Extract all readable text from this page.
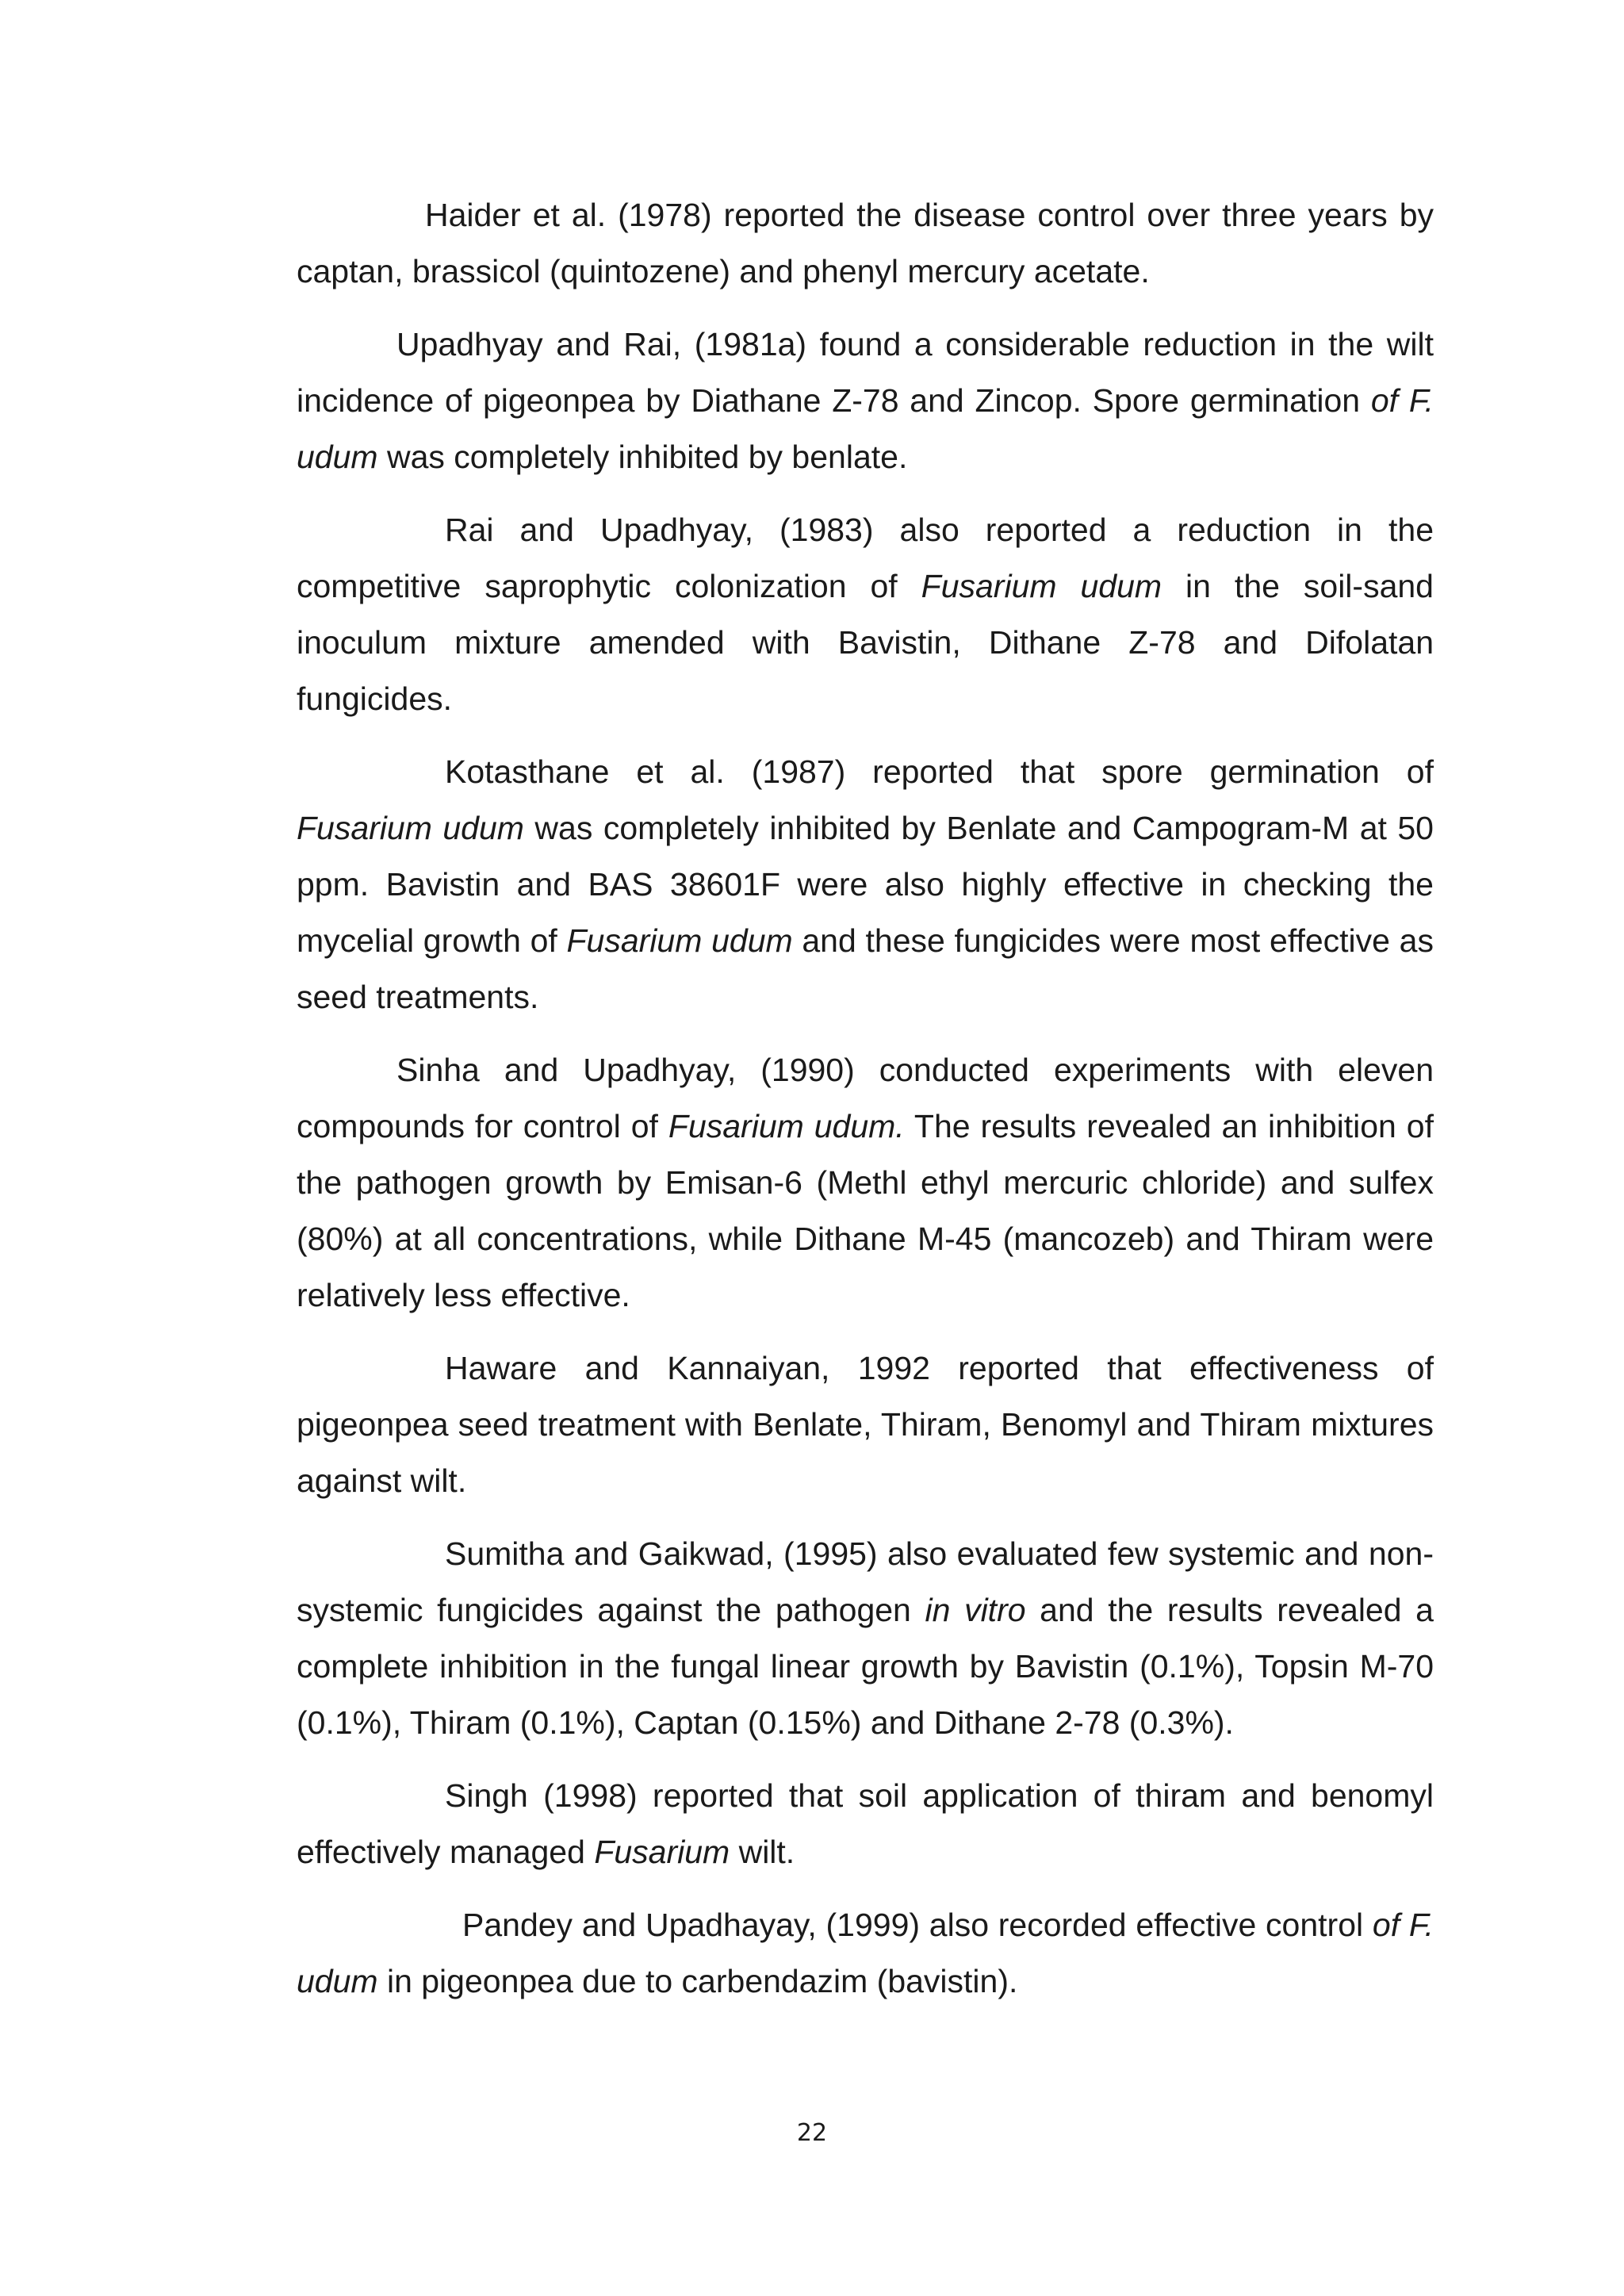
Haider et al. (1978) reported the disease control over three years by captan, brassicol (quintozene) and phenyl mercury acetate.

Upadhyay and Rai, (1981a) found a considerable reduction in the wilt incidence of pigeonpea by Diathane Z-78 and Zincop. Spore germination of F. udum was completely inhibited by benlate.

Rai and Upadhyay, (1983) also reported a reduction in the competitive saprophytic colonization of Fusarium udum in the soil-sand inoculum mixture amended with Bavistin, Dithane Z-78 and Difolatan fungicides.

Kotasthane et al. (1987) reported that spore germination of Fusarium udum was completely inhibited by Benlate and Campogram-M at 50 ppm. Bavistin and BAS 38601F were also highly effective in checking the mycelial growth of Fusarium udum and these fungicides were most effective as seed treatments.

Sinha and Upadhyay, (1990) conducted experiments with eleven compounds for control of Fusarium udum. The results revealed an inhibition of the pathogen growth by Emisan-6 (Methl ethyl mercuric chloride) and sulfex (80%) at all concentrations, while Dithane M-45 (mancozeb) and Thiram were relatively less effective.

Haware and Kannaiyan, 1992 reported that effectiveness of pigeonpea seed treatment with Benlate, Thiram, Benomyl and Thiram mixtures against wilt.

Sumitha and Gaikwad, (1995) also evaluated few systemic and non-systemic fungicides against the pathogen in vitro and the results revealed a complete inhibition in the fungal linear growth by Bavistin (0.1%), Topsin M-70 (0.1%), Thiram (0.1%), Captan (0.15%) and Dithane 2-78 (0.3%).

Singh (1998) reported that soil application of thiram and benomyl effectively managed Fusarium wilt.

Pandey and Upadhayay, (1999) also recorded effective control of F. udum in pigeonpea due to carbendazim (bavistin).

22
